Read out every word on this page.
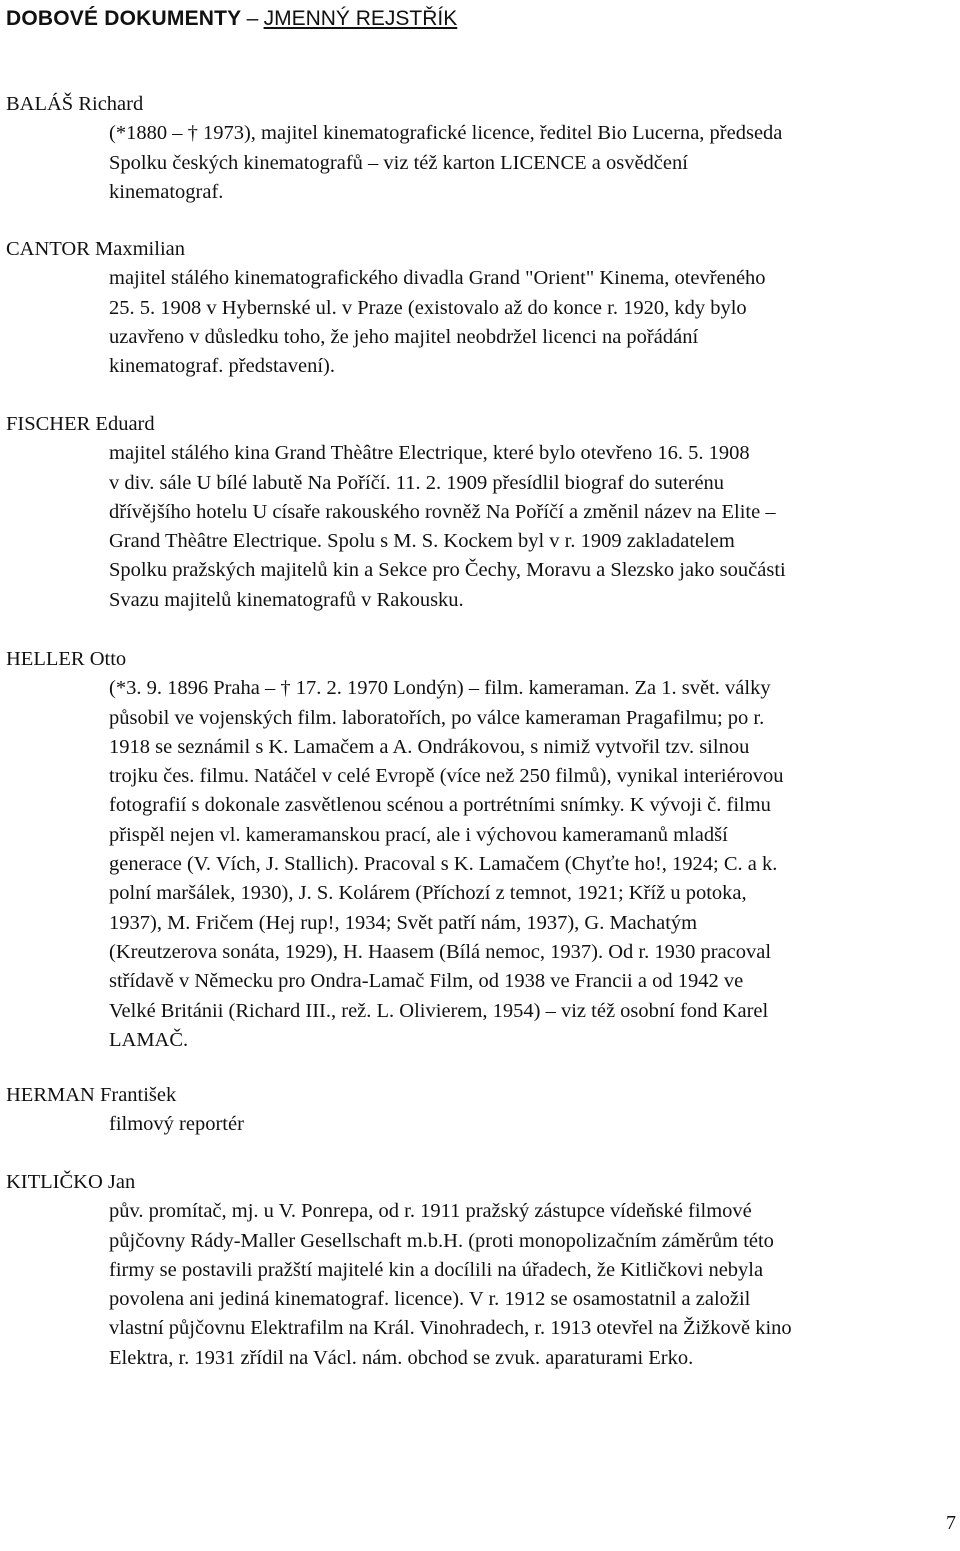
DOBOVÉ DOKUMENTY – JMENNÝ REJSTŘÍK
BALÁŠ Richard
(*1880 – † 1973), majitel kinematografické licence, ředitel Bio Lucerna, předseda
Spolku českých kinematografů – viz též karton LICENCE a osvědčení
kinematograf.
CANTOR Maxmilian
majitel stálého kinematografického divadla Grand "Orient" Kinema, otevřeného
25. 5. 1908 v Hybernské ul. v Praze (existovalo až do konce r. 1920, kdy bylo
uzavřeno v důsledku toho, že jeho majitel neobdržel licenci na pořádání
kinematograf. představení).
FISCHER Eduard
majitel stálého kina Grand Thèâtre Electrique, které bylo otevřeno 16. 5. 1908
v div. sále U bílé labutě Na Poříčí. 11. 2. 1909 přesídlil biograf do suterénu
dřívějšího hotelu U císaře rakouského rovněž Na Poříčí a změnil název na Elite –
Grand Thèâtre Electrique. Spolu s M. S. Kockem byl v r. 1909 zakladatelem
Spolku pražských majitelů kin a Sekce pro Čechy, Moravu a Slezsko jako součásti
Svazu majitelů kinematografů v Rakousku.
HELLER Otto
(*3. 9. 1896 Praha – † 17. 2. 1970 Londýn) – film. kameraman. Za 1. svět. války
působil ve vojenských film. laboratořích, po válce kameraman Pragafilmu; po r.
1918 se seznámil s K. Lamačem a A. Ondrákovou, s nimiž vytvořil tzv. silnou
trojku čes. filmu. Natáčel v celé Evropě (více než 250 filmů), vynikal interiérovou
fotografií s dokonale zasvětlenou scénou a portrétními snímky. K vývoji č. filmu
přispěl nejen vl. kameramanskou prací, ale i výchovou kameramanů mladší
generace (V. Vích, J. Stallich). Pracoval s K. Lamačem (Chyťte ho!, 1924; C. a k.
polní maršálek, 1930), J. S. Kolárem (Příchozí z temnot, 1921; Kříž u potoka,
1937), M. Fričem (Hej rup!, 1934; Svět patří nám, 1937), G. Machatým
(Kreutzerova sonáta, 1929), H. Haasem (Bílá nemoc, 1937). Od r. 1930 pracoval
střídavě v Německu pro Ondra-Lamač Film, od 1938 ve Francii a od 1942 ve
Velké Británii (Richard III., rež. L. Olivierem, 1954) – viz též osobní fond Karel
LAMAČ.
HERMAN František
filmový reportér
KITLIČKO Jan
pův. promítač, mj. u V. Ponrepa, od r. 1911 pražský zástupce vídeňské filmové
půjčovny Rády-Maller Gesellschaft m.b.H. (proti monopolizačním záměrům této
firmy se postavili pražští majitelé kin a docílili na úřadech, že Kitličkovi nebyla
povolena ani jediná kinematograf. licence). V r. 1912 se osamostatnil a založil
vlastní půjčovnu Elektrafilm na Král. Vinohradech, r. 1913 otevřel na Žižkově kino
Elektra, r. 1931 zřídil na Václ. nám. obchod se zvuk. aparaturami Erko.
7
